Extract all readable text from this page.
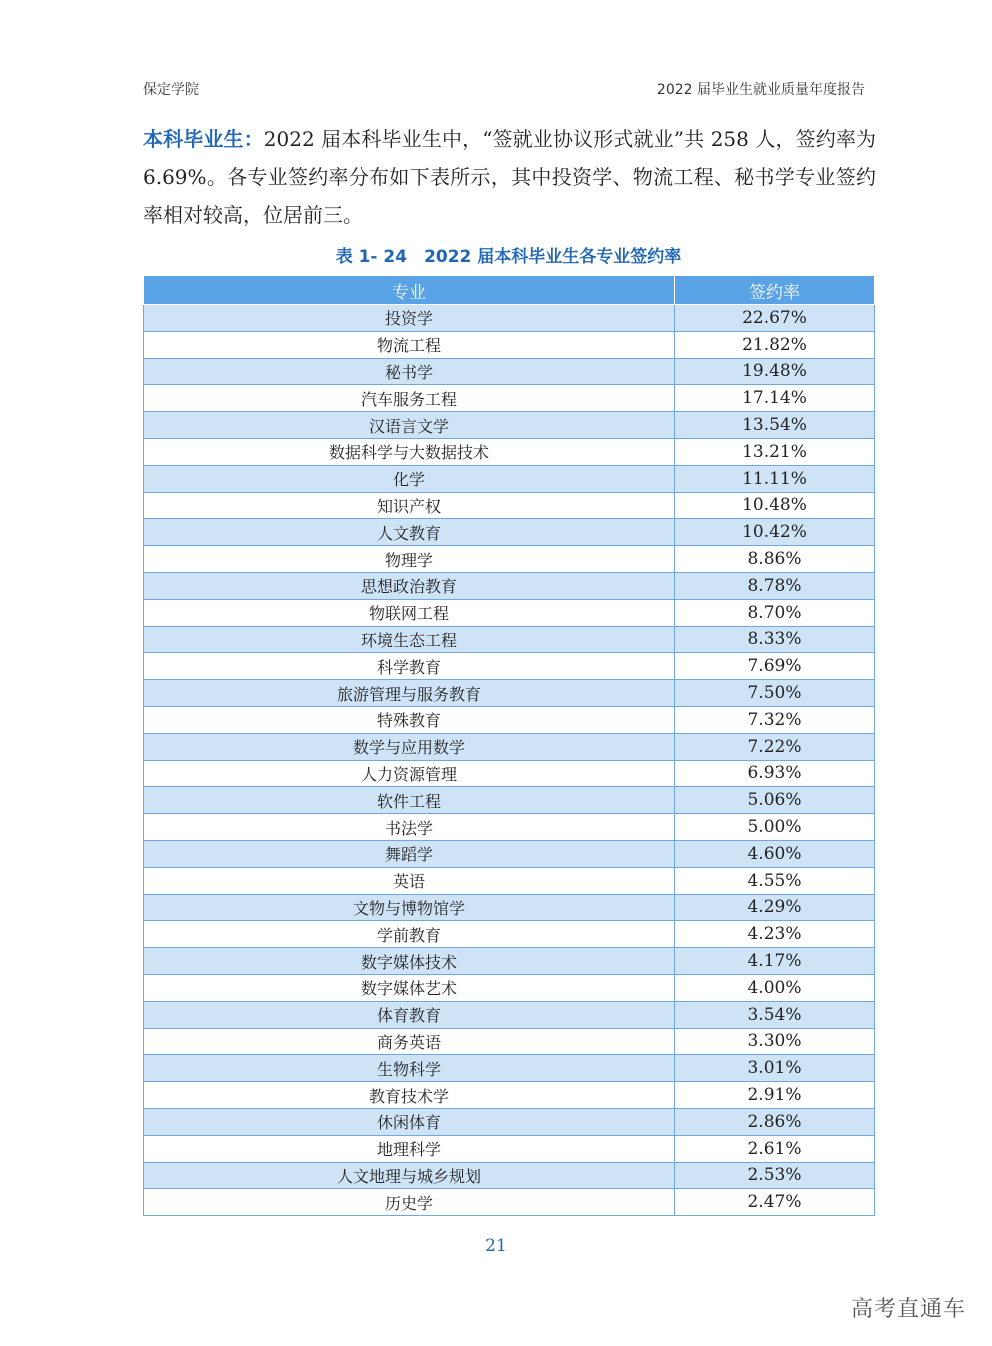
保定学院	2022 届毕业生就业质量年度报告
本科毕业生：2022 届本科毕业生中，“签就业协议形式就业”共 258 人，签约率为 6.69%。各专业签约率分布如下表所示，其中投资学、物流工程、秘书学专业签约率相对较高，位居前三。
表 1- 24　2022 届本科毕业生各专业签约率
专业	签约率
投资学	22.67%
物流工程	21.82%
秘书学	19.48%
汽车服务工程	17.14%
汉语言文学	13.54%
数据科学与大数据技术	13.21%
化学	11.11%
知识产权	10.48%
人文教育	10.42%
物理学	8.86%
思想政治教育	8.78%
物联网工程	8.70%
环境生态工程	8.33%
科学教育	7.69%
旅游管理与服务教育	7.50%
特殊教育	7.32%
数学与应用数学	7.22%
人力资源管理	6.93%
软件工程	5.06%
书法学	5.00%
舞蹈学	4.60%
英语	4.55%
文物与博物馆学	4.29%
学前教育	4.23%
数字媒体技术	4.17%
数字媒体艺术	4.00%
体育教育	3.54%
商务英语	3.30%
生物科学	3.01%
教育技术学	2.91%
休闲体育	2.86%
地理科学	2.61%
人文地理与城乡规划	2.53%
历史学	2.47%
21
高考直通车
